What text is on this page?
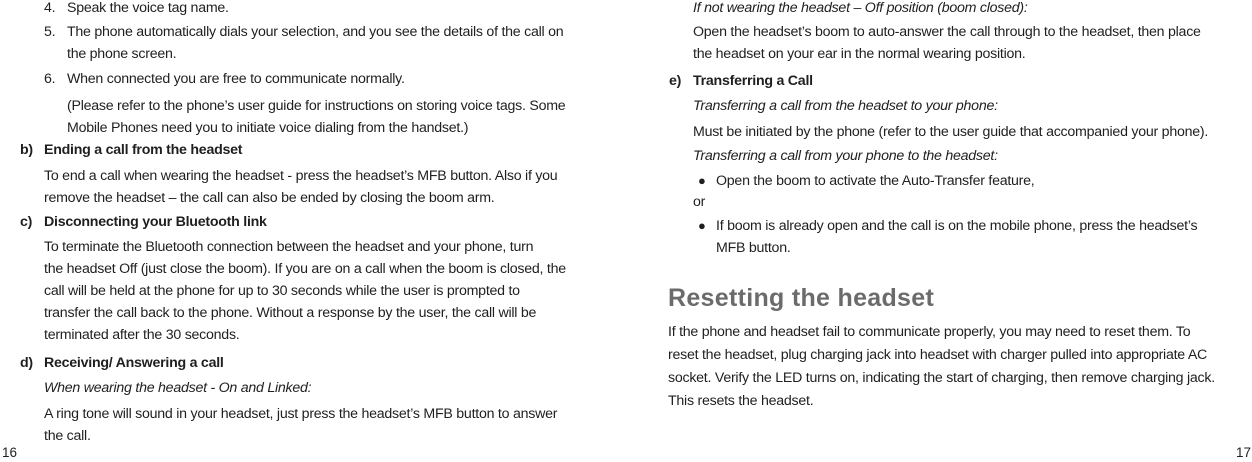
4. Speak the voice tag name.
5. The phone automatically dials your selection, and you see the details of the call on
the phone screen.
6. When connected you are free to communicate normally.
(Please refer to the phone’s user guide for instructions on storing voice tags. Some
Mobile Phones need you to initiate voice dialing from the handset.)
b) Ending a call from the headset
To end a call when wearing the headset - press the headset’s MFB button. Also if you
remove the headset – the call can also be ended by closing the boom arm.
c) Disconnecting your Bluetooth link
To terminate the Bluetooth connection between the headset and your phone, turn
the headset Off (just close the boom). If you are on a call when the boom is closed, the
call will be held at the phone for up to 30 seconds while the user is prompted to
transfer the call back to the phone. Without a response by the user, the call will be
terminated after the 30 seconds.
d) Receiving/ Answering a call
When wearing the headset - On and Linked:
A ring tone will sound in your headset, just press the headset’s MFB button to answer
the call.
16
If not wearing the headset – Off position (boom closed):
Open the headset’s boom to auto-answer the call through to the headset, then place
the headset on your ear in the normal wearing position.
e) Transferring a Call
Transferring a call from the headset to your phone:
Must be initiated by the phone (refer to the user guide that accompanied your phone).
Transferring a call from your phone to the headset:
● Open the boom to activate the Auto-Transfer feature,
or
● If boom is already open and the call is on the mobile phone, press the headset’s
MFB button.
Resetting the headset
If the phone and headset fail to communicate properly, you may need to reset them. To
reset the headset, plug charging jack into headset with charger pulled into appropriate AC
socket. Verify the LED turns on, indicating the start of charging, then remove charging jack.
This resets the headset.
17
